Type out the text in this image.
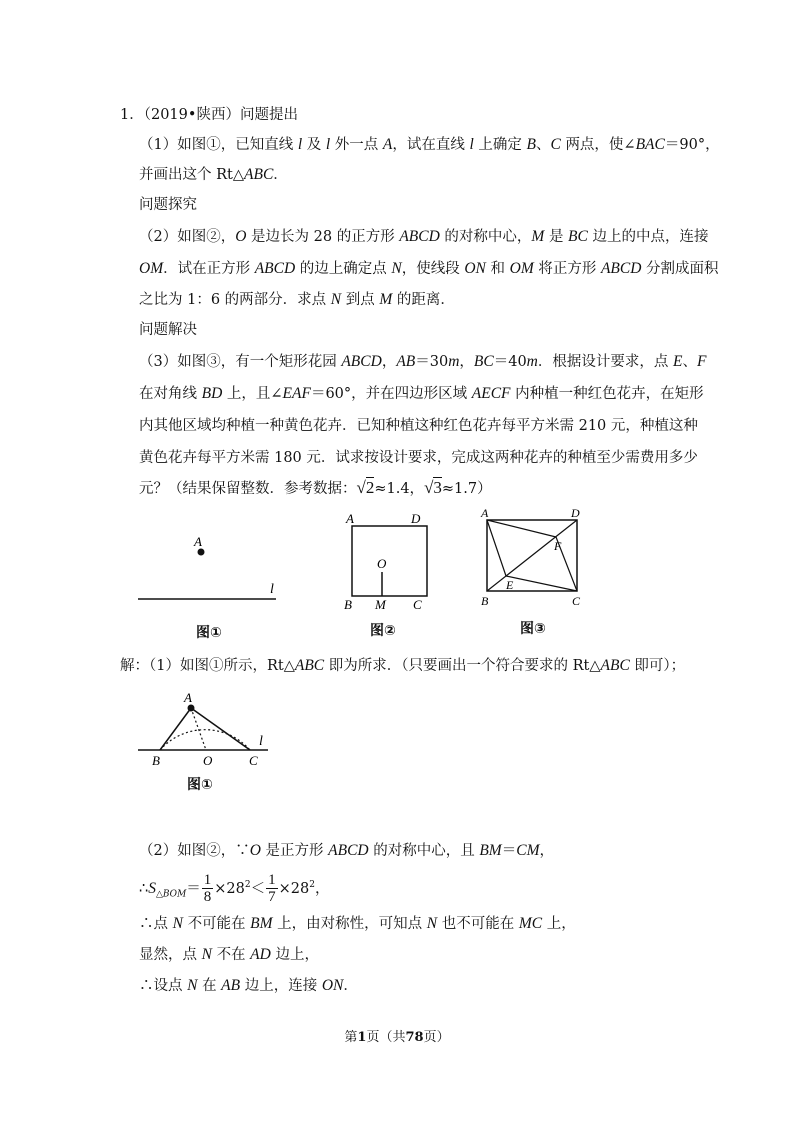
1．（2019•陕西）问题提出
（1）如图①，已知直线 l 及 l 外一点 A，试在直线 l 上确定 B、C 两点，使∠BAC＝90°，
并画出这个 Rt△ABC．
问题探究
（2）如图②，O 是边长为 28 的正方形 ABCD 的对称中心，M 是 BC 边上的中点，连接
OM．试在正方形 ABCD 的边上确定点 N，使线段 ON 和 OM 将正方形 ABCD 分割成面积
之比为 1：6 的两部分．求点 N 到点 M 的距离．
问题解决
（3）如图③，有一个矩形花园 ABCD，AB＝30m，BC＝40m．根据设计要求，点 E、F
在对角线 BD 上，且∠EAF＝60°，并在四边形区域 AECF 内种植一种红色花卉，在矩形
内其他区域均种植一种黄色花卉．已知种植这种红色花卉每平方米需 210 元，种植这种
黄色花卉每平方米需 180 元．试求按设计要求，完成这两种花卉的种植至少需费用多少
元？（结果保留整数．参考数据：√2≈1.4，√3≈1.7）
A
l
图①
A	D
O
B M C
图②
A	D
F
E
B	C
图③
解：（1）如图①所示，Rt△ABC 即为所求．（只要画出一个符合要求的 Rt△ABC 即可）；
A
B	O	C
l
图①
（2）如图②，∵O 是正方形 ABCD 的对称中心，且 BM＝CM，
$\therefore S_{\triangle BOM}= \frac{1}{8} \times 28^2< \frac{1}{7} \times 28^2$，
∴点 N 不可能在 BM 上，由对称性，可知点 N 也不可能在 MC 上，
显然，点 N 不在 AD 边上，
∴设点 N 在 AB 边上，连接 ON．
第1页（共78页）
